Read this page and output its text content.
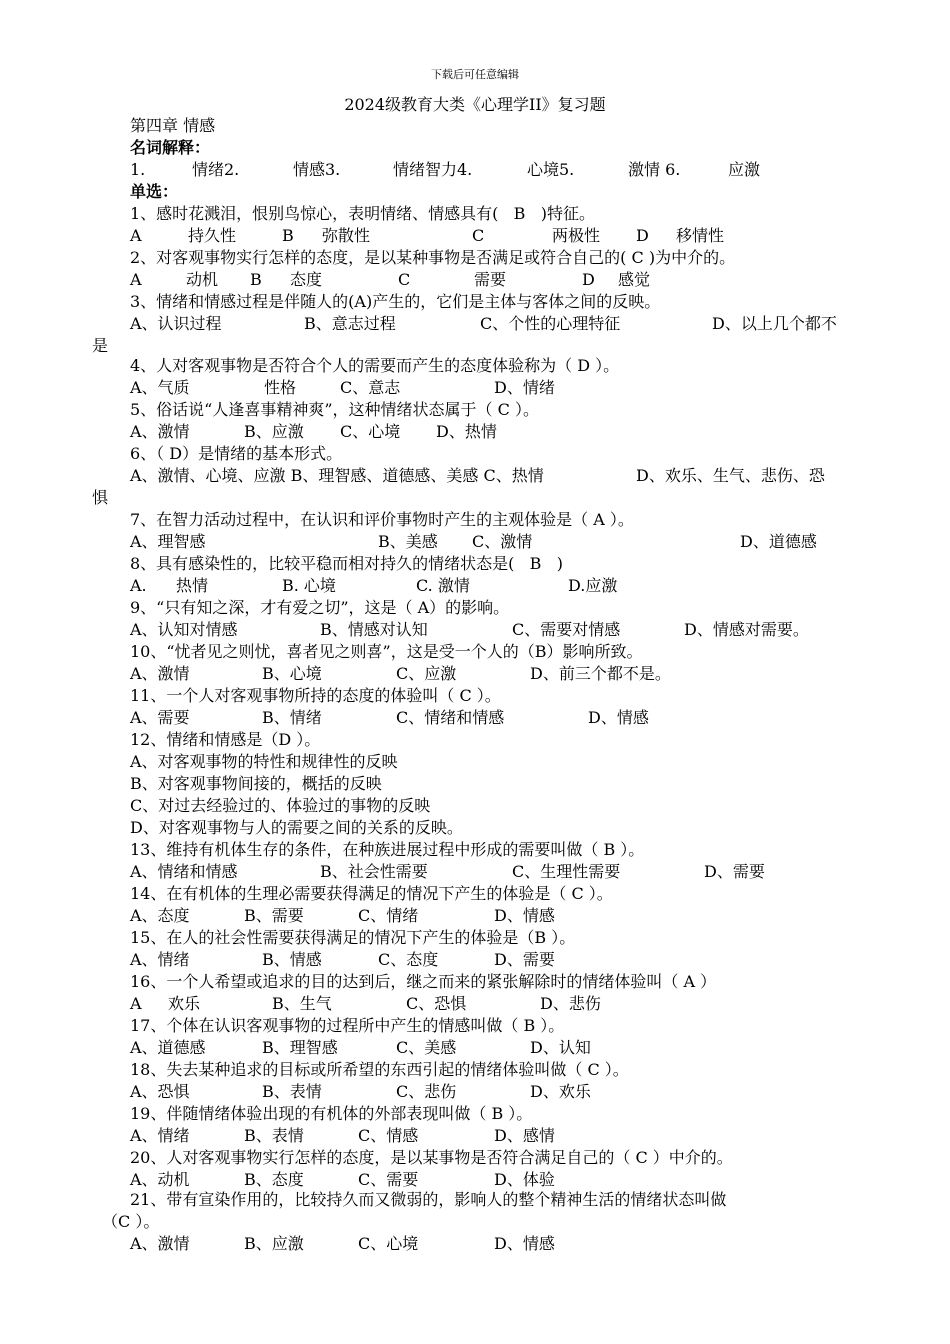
下载后可任意编辑
2024级教育大类《心理学II》复习题
第四章 情感
名词解释：
1.	情绪2.	情感3.	情绪智力4.	心境5.	激情 6.	应激
单选：
1、感时花溅泪，恨别鸟惊心，表明情绪、情感具有(   B   )特征。
A	持久性	B 弥散性	C	两极性 D 移情性
2、对客观事物实行怎样的态度，是以某种事物是否满足或符合自己的( C )为中介的。
A	动机 B 态度	C	需要	D 感觉
3、情绪和情感过程是伴随人的(A)产生的，它们是主体与客体之间的反映。
A、认识过程	B、意志过程	C、个性的心理特征	D、以上几个都不
是
4、人对客观事物是否符合个人的需要而产生的态度体验称为（ D ）。
A、气质	性格	C、意志	D、情绪
5、俗话说“人逢喜事精神爽”，这种情绪状态属于（ C ）。
A、激情	B、应激 C、心境 D、热情
6、（ D）是情绪的基本形式。
A、激情、心境、应激 B、理智感、道德感、美感 C、热情	D、欢乐、生气、悲伤、恐
惧
7、在智力活动过程中，在认识和评价事物时产生的主观体验是（ A ）。
A、理智感	B、美感 C、激情	D、道德感
8、具有感染性的，比较平稳而相对持久的情绪状态是(   B   )
A. 热情	B. 心境	C. 激情	D.应激
9、“只有知之深，才有爱之切”，这是（ A）的影响。
A、认知对情感	B、情感对认知	C、需要对情感	D、情感对需要。
10、“忧者见之则忧，喜者见之则喜”，这是受一个人的（B）影响所致。
A、激情	B、心境	C、应激	D、前三个都不是。
11、一个人对客观事物所持的态度的体验叫（ C ）。
A、需要	B、情绪	C、情绪和情感	D、情感
12、情绪和情感是（D ）。
A、对客观事物的特性和规律性的反映
B、对客观事物间接的，概括的反映
C、对过去经验过的、体验过的事物的反映
D、对客观事物与人的需要之间的关系的反映。
13、维持有机体生存的条件，在种族进展过程中形成的需要叫做（ B ）。
A、情绪和情感	B、社会性需要	C、生理性需要	D、需要
14、在有机体的生理必需要获得满足的情况下产生的体验是（ C ）。
A、态度	B、需要	C、情绪	D、情感
15、在人的社会性需要获得满足的情况下产生的体验是（B ）。
A、情绪	B、情感	C、态度	D、需要
16、一个人希望或追求的目的达到后，继之而来的紧张解除时的情绪体验叫（ A ）
A 欢乐	B、生气	C、恐惧	D、悲伤
17、个体在认识客观事物的过程所中产生的情感叫做（ B ）。
A、道德感	B、理智感	C、美感	D、认知
18、失去某种追求的目标或所希望的东西引起的情绪体验叫做（ C ）。
A、恐惧	B、表情	C、悲伤	D、欢乐
19、伴随情绪体验出现的有机体的外部表现叫做（ B ）。
A、情绪	B、表情	C、情感	D、感情
20、人对客观事物实行怎样的态度，是以某事物是否符合满足自己的（ C ）中介的。
A、动机	B、态度	C、需要	D、体验
21、带有宣染作用的，比较持久而又微弱的，影响人的整个精神生活的情绪状态叫做
（C ）。
A、激情	B、应激	C、心境	D、情感
